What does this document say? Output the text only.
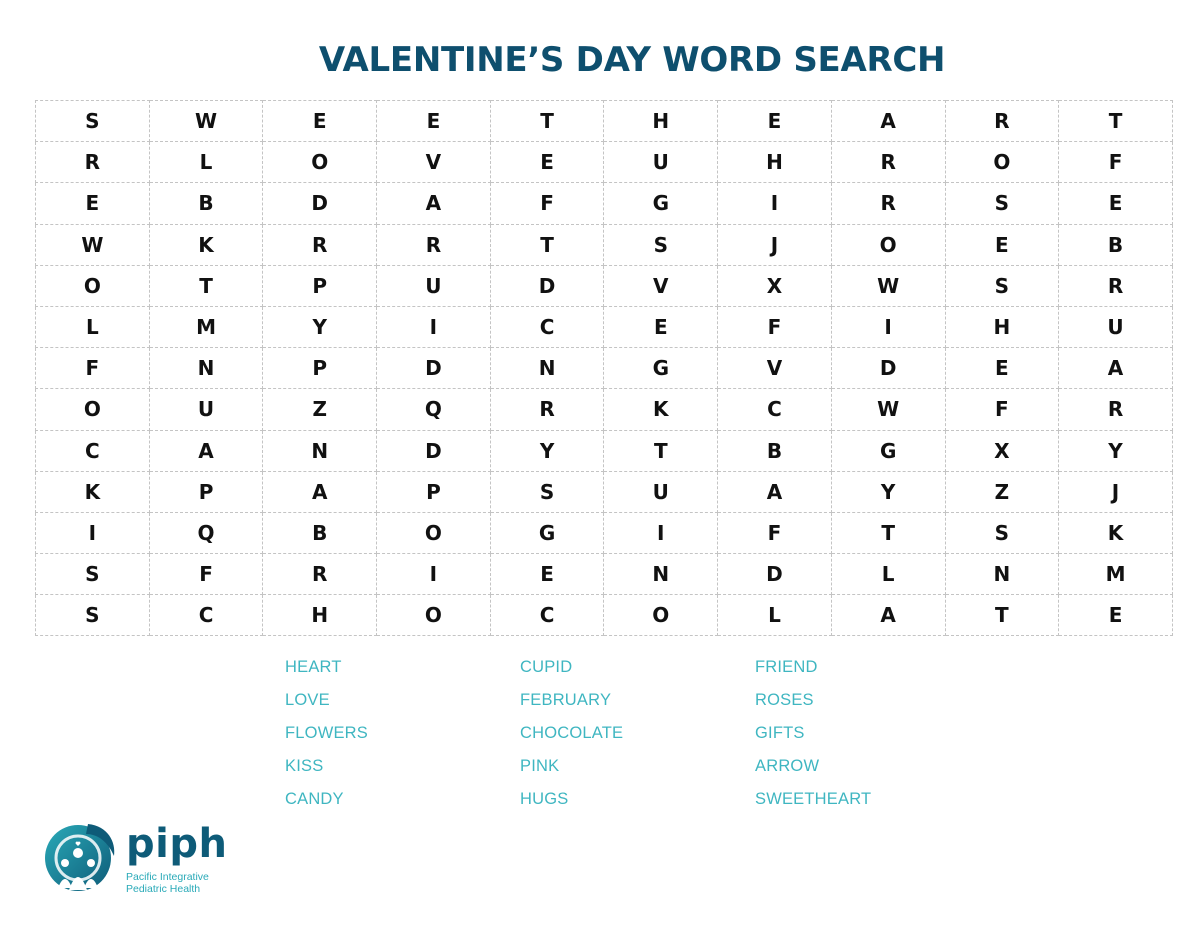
VALENTINE’S DAY WORD SEARCH
S	W	E	E	T	H	E	A	R	T
R	L	O	V	E	U	H	R	O	F
E	B	D	A	F	G	I	R	S	E
W	K	R	R	T	S	J	O	E	B
O	T	P	U	D	V	X	W	S	R
L	M	Y	I	C	E	F	I	H	U
F	N	P	D	N	G	V	D	E	A
O	U	Z	Q	R	K	C	W	F	R
C	A	N	D	Y	T	B	G	X	Y
K	P	A	P	S	U	A	Y	Z	J
I	Q	B	O	G	I	F	T	S	K
S	F	R	I	E	N	D	L	N	M
S	C	H	O	C	O	L	A	T	E
HEART
LOVE
FLOWERS
KISS
CANDY
CUPID
FEBRUARY
CHOCOLATE
PINK
HUGS
FRIEND
ROSES
GIFTS
ARROW
SWEETHEART
piph
Pacific Integrative
Pediatric Health
